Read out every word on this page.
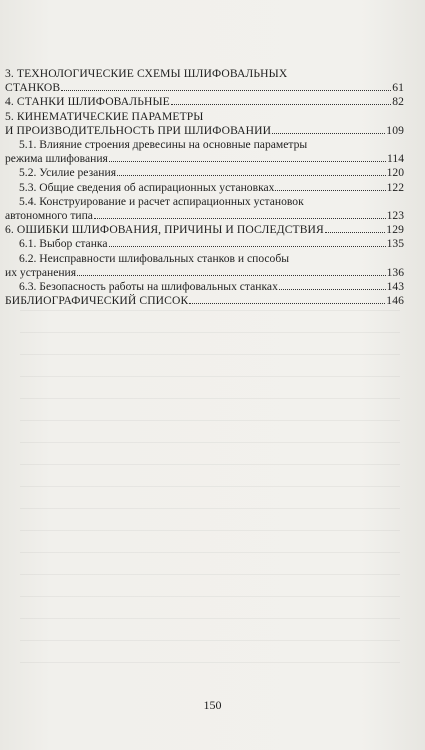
3. ТЕХНОЛОГИЧЕСКИЕ СХЕМЫ ШЛИФОВАЛЬНЫХ
СТАНКОВ	61
4. СТАНКИ ШЛИФОВАЛЬНЫЕ	82
5. КИНЕМАТИЧЕСКИЕ ПАРАМЕТРЫ
И ПРОИЗВОДИТЕЛЬНОСТЬ ПРИ ШЛИФОВАНИИ	109
5.1. Влияние строения древесины на основные параметры
режима шлифования	114
5.2. Усилие резания	120
5.3. Общие сведения об аспирационных установках	122
5.4. Конструирование и расчет аспирационных установок
автономного типа	123
6. ОШИБКИ ШЛИФОВАНИЯ, ПРИЧИНЫ И ПОСЛЕДСТВИЯ	129
6.1. Выбор станка	135
6.2. Неисправности шлифовальных станков и способы
их устранения	136
6.3. Безопасность работы на шлифовальных станках	143
БИБЛИОГРАФИЧЕСКИЙ СПИСОК	146
150
